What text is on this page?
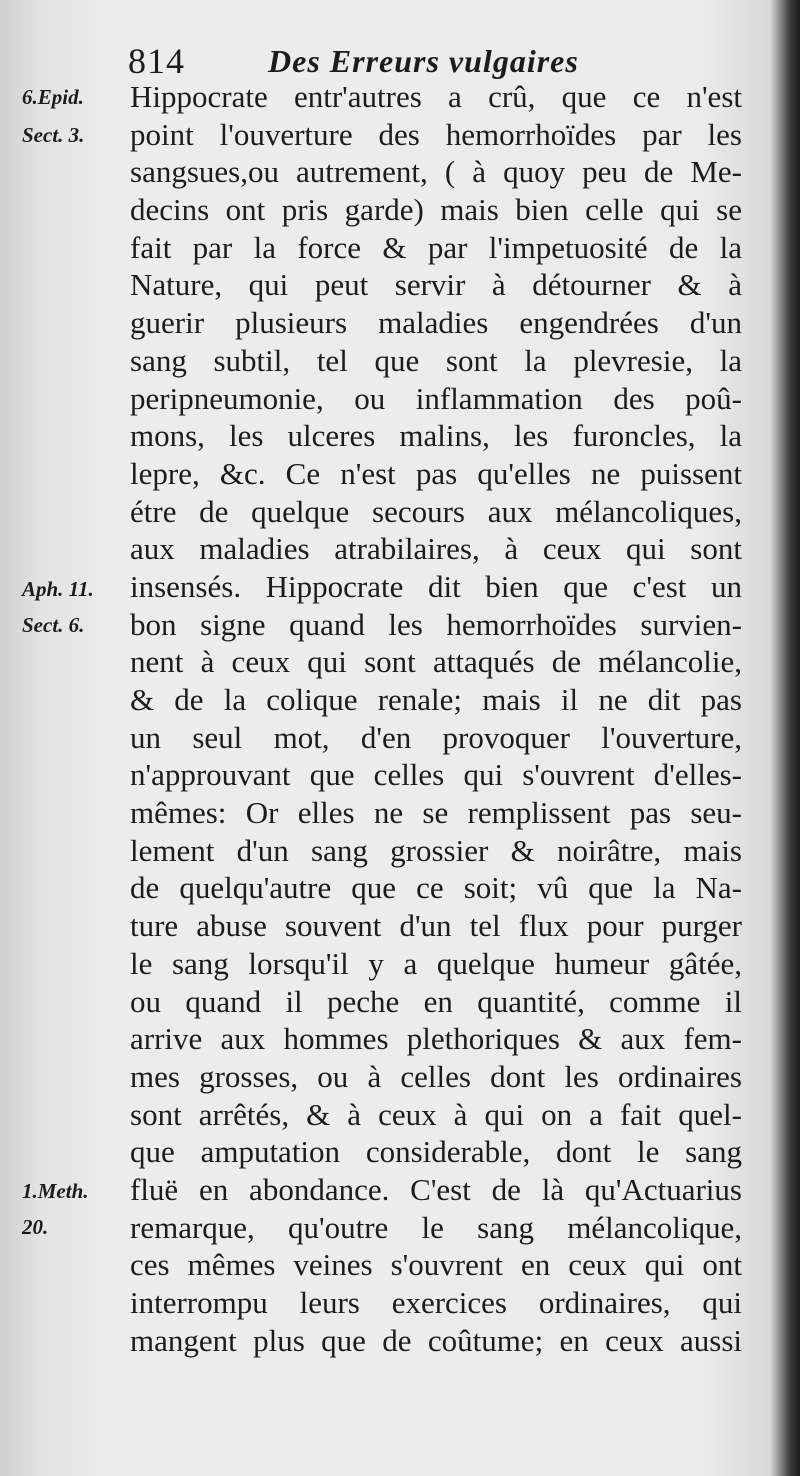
814	Des Erreurs vulgaires
6.Epid.
Sect. 3.
Aph. 11.
Sect. 6.
1.Meth.
20.
Hippocrate entr'autres a crû, que ce n'est
point l'ouverture des hemorrhoïdes par les
sangsues,ou autrement, ( à quoy peu de Me-
decins ont pris garde) mais bien celle qui se
fait par la force & par l'impetuosité de la
Nature, qui peut servir à détourner & à
guerir plusieurs maladies engendrées d'un
sang subtil, tel que sont la plevresie, la
peripneumonie, ou inflammation des poû-
mons, les ulceres malins, les furoncles, la
lepre, &c. Ce n'est pas qu'elles ne puissent
étre de quelque secours aux mélancoliques,
aux maladies atrabilaires, à ceux qui sont
insensés. Hippocrate dit bien que c'est un
bon signe quand les hemorrhoïdes survien-
nent à ceux qui sont attaqués de mélancolie,
& de la colique renale; mais il ne dit pas
un seul mot, d'en provoquer l'ouverture,
n'approuvant que celles qui s'ouvrent d'elles-
mêmes: Or elles ne se remplissent pas seu-
lement d'un sang grossier & noirâtre, mais
de quelqu'autre que ce soit; vû que la Na-
ture abuse souvent d'un tel flux pour purger
le sang lorsqu'il y a quelque humeur gâtée,
ou quand il peche en quantité, comme il
arrive aux hommes plethoriques & aux fem-
mes grosses, ou à celles dont les ordinaires
sont arrêtés, & à ceux à qui on a fait quel-
que amputation considerable, dont le sang
fluë en abondance. C'est de là qu'Actuarius
remarque, qu'outre le sang mélancolique,
ces mêmes veines s'ouvrent en ceux qui ont
interrompu leurs exercices ordinaires, qui
mangent plus que de coûtume; en ceux aussi
